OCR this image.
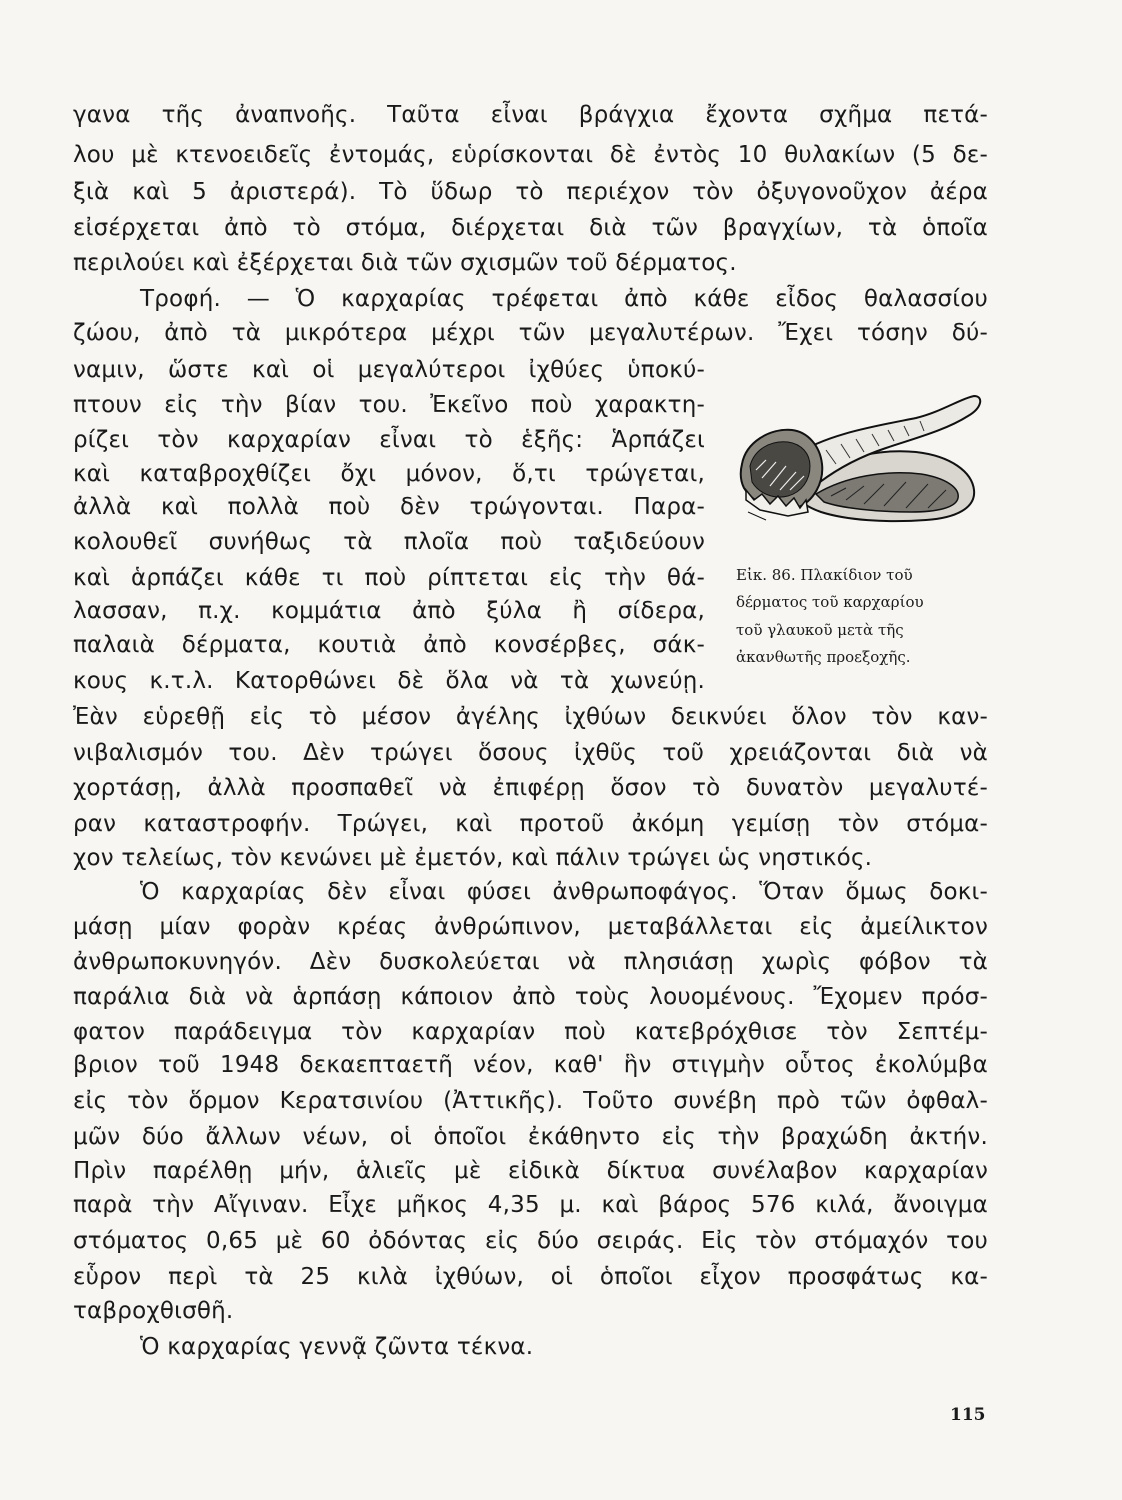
γανα τῆς ἀναπνοῆς. Ταῦτα εἶναι βράγχια ἔχοντα σχῆμα πετά-
λου μὲ κτενοειδεῖς ἐντομάς, εὑρίσκονται δὲ ἐντὸς 10 θυλακίων (5 δε-
ξιὰ καὶ 5 ἀριστερά). Τὸ ὕδωρ τὸ περιέχον τὸν ὀξυγονοῦχον ἀέρα
εἰσέρχεται ἀπὸ τὸ στόμα, διέρχεται διὰ τῶν βραγχίων, τὰ ὁποῖα
περιλούει καὶ ἐξέρχεται διὰ τῶν σχισμῶν τοῦ δέρματος.
Τροφή. — Ὁ καρχαρίας τρέφεται ἀπὸ κάθε εἶδος θαλασσίου
ζώου, ἀπὸ τὰ μικρότερα μέχρι τῶν μεγαλυτέρων. Ἔχει τόσην δύ-
ναμιν, ὥστε καὶ οἱ μεγαλύτεροι ἰχθύες ὑποκύ-
πτουν εἰς τὴν βίαν του. Ἐκεῖνο ποὺ χαρακτη-
ρίζει τὸν καρχαρίαν εἶναι τὸ ἑξῆς: Ἁρπάζει
καὶ καταβροχθίζει ὄχι μόνον, ὅ,τι τρώγεται,
ἀλλὰ καὶ πολλὰ ποὺ δὲν τρώγονται. Παρα-
κολουθεῖ συνήθως τὰ πλοῖα ποὺ ταξιδεύουν
καὶ ἁρπάζει κάθε τι ποὺ ρίπτεται εἰς τὴν θά-
λασσαν, π.χ. κομμάτια ἀπὸ ξύλα ἢ σίδερα,
παλαιὰ δέρματα, κουτιὰ ἀπὸ κονσέρβες, σάκ-
κους κ.τ.λ. Κατορθώνει δὲ ὅλα νὰ τὰ χωνεύῃ.
Ἐὰν εὑρεθῇ εἰς τὸ μέσον ἀγέλης ἰχθύων δεικνύει ὅλον τὸν καν-
νιβαλισμόν του. Δὲν τρώγει ὅσους ἰχθῦς τοῦ χρειάζονται διὰ νὰ
χορτάσῃ, ἀλλὰ προσπαθεῖ νὰ ἐπιφέρῃ ὅσον τὸ δυνατὸν μεγαλυτέ-
ραν καταστροφήν. Τρώγει, καὶ προτοῦ ἀκόμη γεμίσῃ τὸν στόμα-
χον τελείως, τὸν κενώνει μὲ ἐμετόν, καὶ πάλιν τρώγει ὡς νηστικός.
Ὁ καρχαρίας δὲν εἶναι φύσει ἀνθρωποφάγος. Ὅταν ὅμως δοκι-
μάσῃ μίαν φορὰν κρέας ἀνθρώπινον, μεταβάλλεται εἰς ἀμείλικτον
ἀνθρωποκυνηγόν. Δὲν δυσκολεύεται νὰ πλησιάσῃ χωρὶς φόβον τὰ
παράλια διὰ νὰ ἁρπάσῃ κάποιον ἀπὸ τοὺς λουομένους. Ἔχομεν πρόσ-
φατον παράδειγμα τὸν καρχαρίαν ποὺ κατεβρόχθισε τὸν Σεπτέμ-
βριον τοῦ 1948 δεκαεπταετῆ νέον, καθ' ἣν στιγμὴν οὗτος ἐκολύμβα
εἰς τὸν ὅρμον Κερατσινίου (Ἀττικῆς). Τοῦτο συνέβη πρὸ τῶν ὀφθαλ-
μῶν δύο ἄλλων νέων, οἱ ὁποῖοι ἐκάθηντο εἰς τὴν βραχώδη ἀκτήν.
Πρὶν παρέλθῃ μήν, ἁλιεῖς μὲ εἰδικὰ δίκτυα συνέλαβον καρχαρίαν
παρὰ τὴν Αἴγιναν. Εἶχε μῆκος 4,35 μ. καὶ βάρος 576 κιλά, ἄνοιγμα
στόματος 0,65 μὲ 60 ὀδόντας εἰς δύο σειράς. Εἰς τὸν στόμαχόν του
εὗρον περὶ τὰ 25 κιλὰ ἰχθύων, οἱ ὁποῖοι εἶχον προσφάτως κα-
ταβροχθισθῆ.
Ὁ καρχαρίας γεννᾷ ζῶντα τέκνα.
Εἰκ. 86. Πλακίδιον τοῦ
δέρματος τοῦ καρχαρίου
τοῦ γλαυκοῦ μετὰ τῆς
ἀκανθωτῆς προεξοχῆς.
115
